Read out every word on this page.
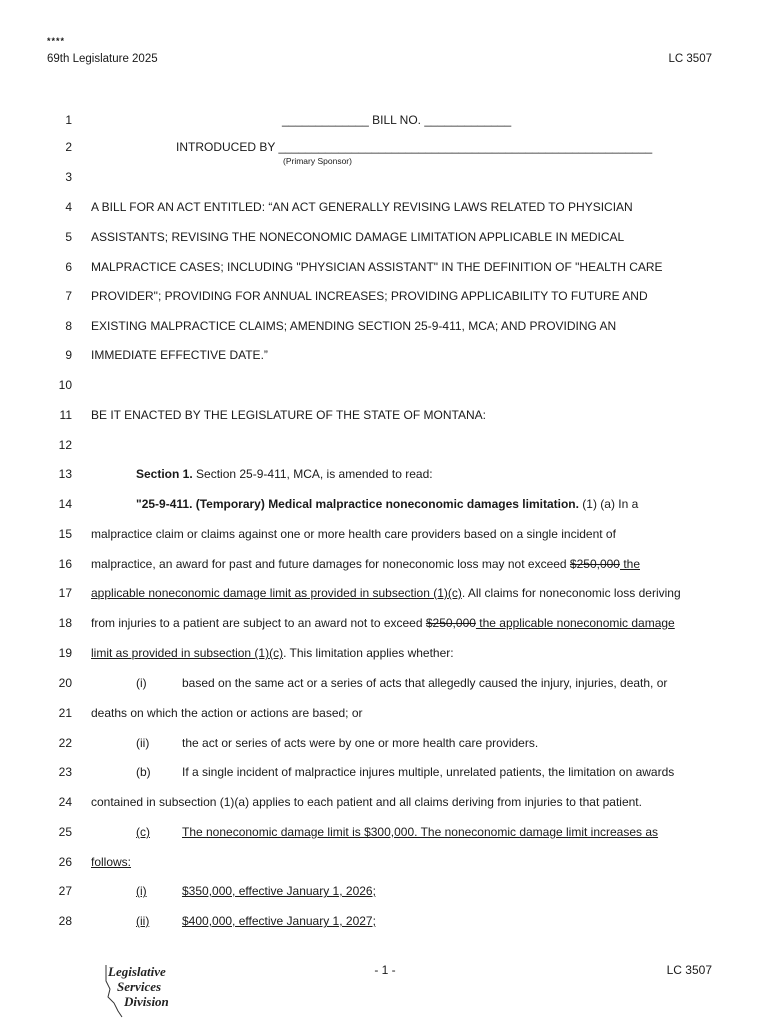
****
69th Legislature 2025	LC 3507
1
2
3
4
5
6
7
8
9
10
11
12
13
14
15
16
17
18
19
20
21
22
23
24
25
26
27
28
_____________ BILL NO. _____________
INTRODUCED BY ________________________________________________________
(Primary Sponsor)
A BILL FOR AN ACT ENTITLED: “AN ACT GENERALLY REVISING LAWS RELATED TO PHYSICIAN
ASSISTANTS; REVISING THE NONECONOMIC DAMAGE LIMITATION APPLICABLE IN MEDICAL
MALPRACTICE CASES; INCLUDING "PHYSICIAN ASSISTANT" IN THE DEFINITION OF "HEALTH CARE
PROVIDER"; PROVIDING FOR ANNUAL INCREASES; PROVIDING APPLICABILITY TO FUTURE AND
EXISTING MALPRACTICE CLAIMS; AMENDING SECTION 25-9-411, MCA; AND PROVIDING AN
IMMEDIATE EFFECTIVE DATE.”
BE IT ENACTED BY THE LEGISLATURE OF THE STATE OF MONTANA:
Section 1. Section 25-9-411, MCA, is amended to read:
"25-9-411. (Temporary) Medical malpractice noneconomic damages limitation. (1) (a) In a
malpractice claim or claims against one or more health care providers based on a single incident of
malpractice, an award for past and future damages for noneconomic loss may not exceed $250,000 the
applicable noneconomic damage limit as provided in subsection (1)(c). All claims for noneconomic loss deriving
from injuries to a patient are subject to an award not to exceed $250,000 the applicable noneconomic damage
limit as provided in subsection (1)(c). This limitation applies whether:
(i)	based on the same act or a series of acts that allegedly caused the injury, injuries, death, or
deaths on which the action or actions are based; or
(ii)	the act or series of acts were by one or more health care providers.
(b)	If a single incident of malpractice injures multiple, unrelated patients, the limitation on awards
contained in subsection (1)(a) applies to each patient and all claims deriving from injuries to that patient.
(c)	The noneconomic damage limit is $300,000. The noneconomic damage limit increases as
follows:
(i)	$350,000, effective January 1, 2026;
(ii)	$400,000, effective January 1, 2027;
Legislative
Services
Division
- 1 -	LC 3507
